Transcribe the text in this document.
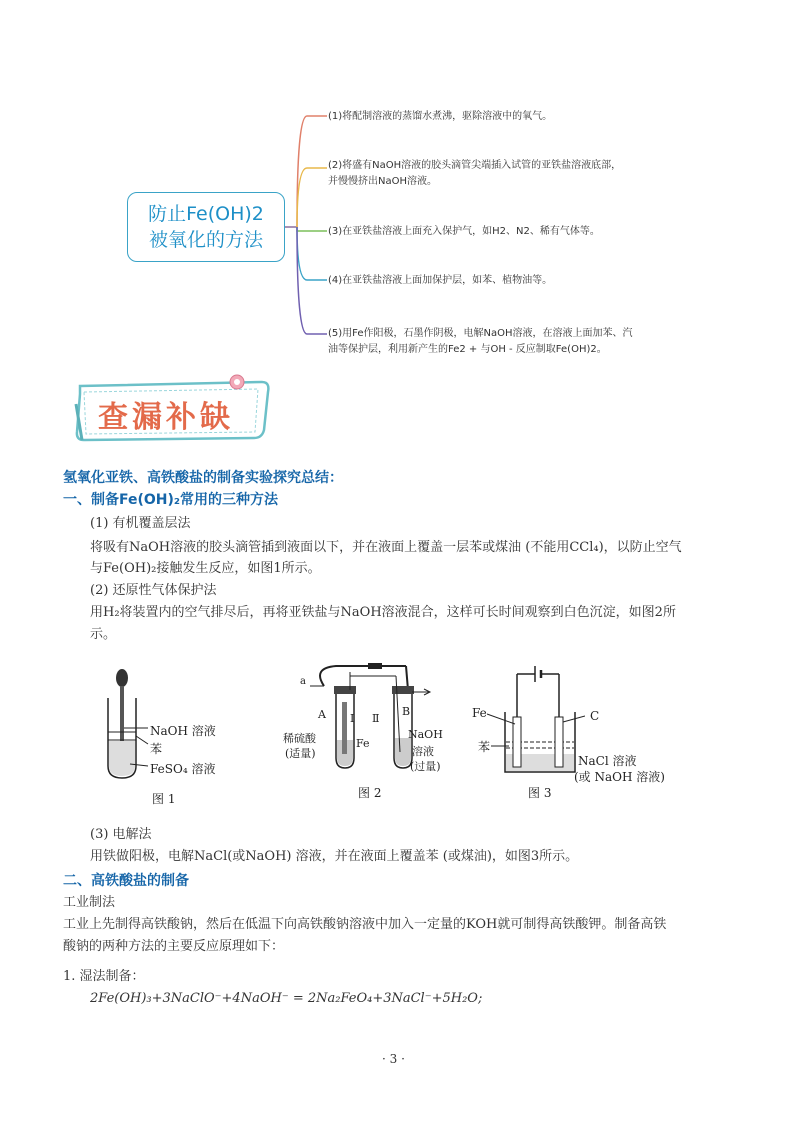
防止Fe(OH)2
被氧化的方法
(1)将配制溶液的蒸馏水煮沸，驱除溶液中的氧气。
(2)将盛有NaOH溶液的胶头滴管尖端插入试管的亚铁盐溶液底部，
并慢慢挤出NaOH溶液。
(3)在亚铁盐溶液上面充入保护气，如H2、N2、稀有气体等。
(4)在亚铁盐溶液上面加保护层，如苯、植物油等。
(5)用Fe作阳极，石墨作阴极，电解NaOH溶液，在溶液上面加苯、汽
油等保护层，利用新产生的Fe2 + 与OH - 反应制取Fe(OH)2。
查漏补缺
氢氧化亚铁、高铁酸盐的制备实验探究总结：
一、制备Fe(OH)₂常用的三种方法

(1) 有机覆盖层法

将吸有NaOH溶液的胶头滴管插到液面以下，并在液面上覆盖一层苯或煤油 (不能用CCl₄)，以防止空气

与Fe(OH)₂接触发生反应，如图1所示。

(2) 还原性气体保护法

用H₂将装置内的空气排尽后，再将亚铁盐与NaOH溶液混合，这样可长时间观察到白色沉淀，如图2所

示。

NaOH 溶液
苯
FeSO₄ 溶液
图 1
a
A	B
Ⅰ Ⅱ
稀硫酸
(适量)
Fe
NaOH
溶液
(过量)
图 2
Fe	C
苯
NaCl 溶液
(或 NaOH 溶液)
图 3

(3) 电解法

用铁做阳极，电解NaCl(或NaOH) 溶液，并在液面上覆盖苯 (或煤油)，如图3所示。

二、高铁酸盐的制备

工业制法

工业上先制得高铁酸钠，然后在低温下向高铁酸钠溶液中加入一定量的KOH就可制得高铁酸钾。制备高铁

酸钠的两种方法的主要反应原理如下：

1. 湿法制备：

2Fe(OH)₃+3NaClO⁻+4NaOH⁻ = 2Na₂FeO₄+3NaCl⁻+5H₂O;

· 3 ·
